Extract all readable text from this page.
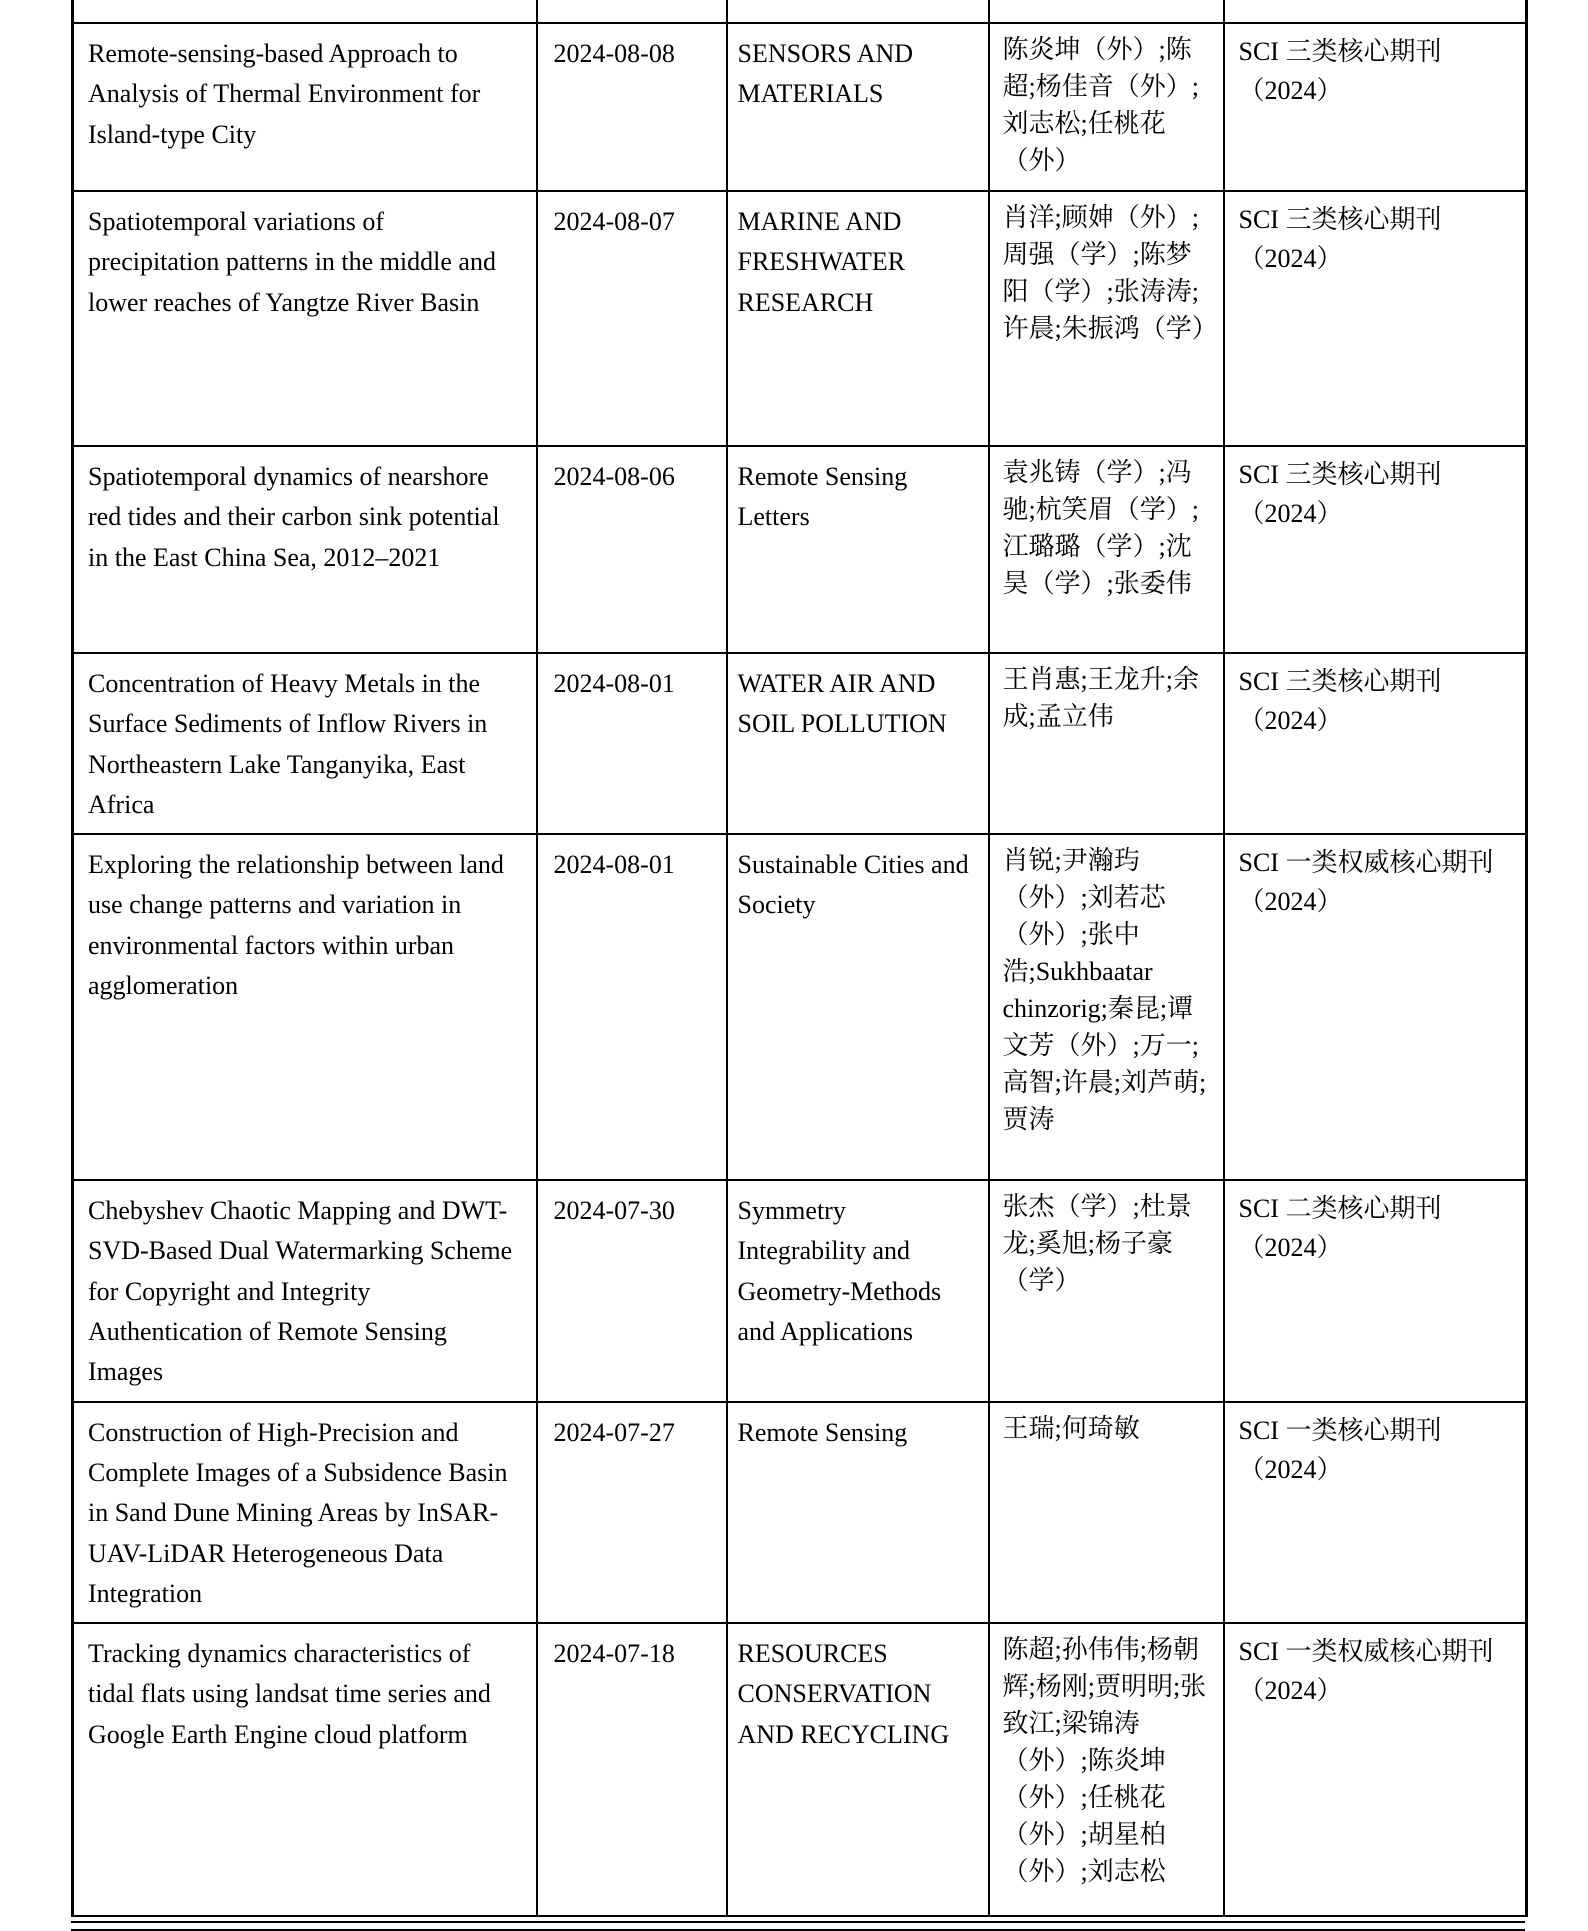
Remote-sensing-based Approach to Analysis of Thermal Environment for Island-type City	2024-08-08	SENSORS AND MATERIALS	陈炎坤（外）;陈超;杨佳音（外）;刘志松;任桃花（外）	SCI 三类核心期刊（2024）
Spatiotemporal variations of precipitation patterns in the middle and lower reaches of Yangtze River Basin	2024-08-07	MARINE AND FRESHWATER RESEARCH	肖洋;顾妽（外）;周强（学）;陈梦阳（学）;张涛涛;许晨;朱振鸿（学）	SCI 三类核心期刊（2024）
Spatiotemporal dynamics of nearshore red tides and their carbon sink potential in the East China Sea, 2012–2021	2024-08-06	Remote Sensing Letters	袁兆铸（学）;冯驰;杭笑眉（学）;江璐璐（学）;沈昊（学）;张委伟	SCI 三类核心期刊（2024）
Concentration of Heavy Metals in the Surface Sediments of Inflow Rivers in Northeastern Lake Tanganyika, East Africa	2024-08-01	WATER AIR AND SOIL POLLUTION	王肖惠;王龙升;余成;孟立伟	SCI 三类核心期刊（2024）
Exploring the relationship between land use change patterns and variation in environmental factors within urban agglomeration	2024-08-01	Sustainable Cities and Society	肖锐;尹瀚玙（外）;刘若芯（外）;张中浩;Sukhbaatar chinzorig;秦昆;谭文芳（外）;万一;高智;许晨;刘芦萌;贾涛	SCI 一类权威核心期刊（2024）
Chebyshev Chaotic Mapping and DWT-SVD-Based Dual Watermarking Scheme for Copyright and Integrity Authentication of Remote Sensing Images	2024-07-30	Symmetry Integrability and Geometry-Methods and Applications	张杰（学）;杜景龙;奚旭;杨子豪（学）	SCI 二类核心期刊（2024）
Construction of High-Precision and Complete Images of a Subsidence Basin in Sand Dune Mining Areas by InSAR-UAV-LiDAR Heterogeneous Data Integration	2024-07-27	Remote Sensing	王瑞;何琦敏	SCI 一类核心期刊（2024）
Tracking dynamics characteristics of tidal flats using landsat time series and Google Earth Engine cloud platform	2024-07-18	RESOURCES CONSERVATION AND RECYCLING	陈超;孙伟伟;杨朝辉;杨刚;贾明明;张致江;梁锦涛（外）;陈炎坤（外）;任桃花（外）;胡星柏（外）;刘志松	SCI 一类权威核心期刊（2024）
